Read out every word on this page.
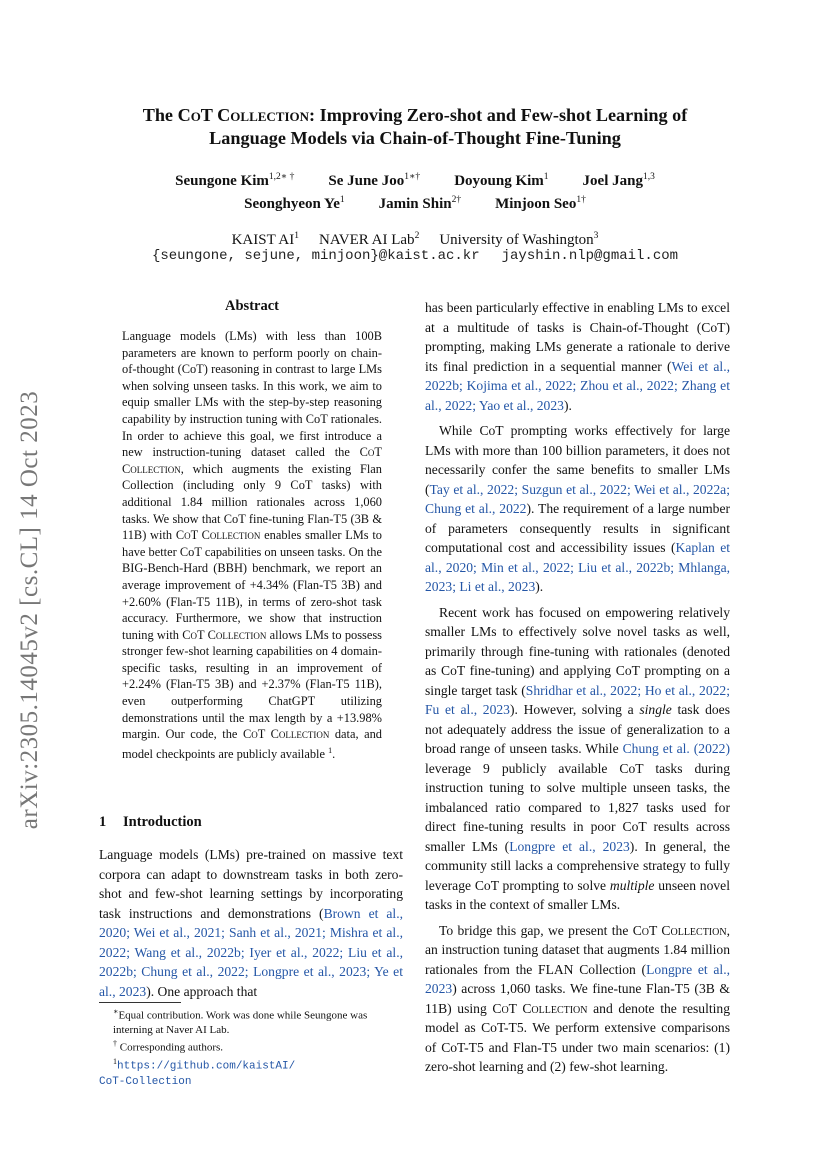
arXiv:2305.14045v2 [cs.CL] 14 Oct 2023
The CoT Collection: Improving Zero-shot and Few-shot Learning of
Language Models via Chain-of-Thought Fine-Tuning
Seungone Kim$^{1,2∗ \dagger}$ Se June Joo$^{1∗\dagger}$ Doyoung Kim$^1$ Joel Jang$^{1,3}$
Seonghyeon Ye$^1$ Jamin Shin$^{2\dagger}$ Minjoon Seo$^{1\dagger}$
KAIST $AI^1$ NAVER AI Lab$^2$ University of Washington$^3$
{seungone, sejune, minjoon}@kaist.ac.kr jayshin.nlp@gmail.com
Abstract

Language models (LMs) with less than 100B parameters are known to perform poorly on chain-of-thought (CoT) reasoning in contrast to large LMs when solving unseen tasks. In this work, we aim to equip smaller LMs with the step-by-step reasoning capability by instruction tuning with CoT rationales. In order to achieve this goal, we first introduce a new instruction-tuning dataset called the CoT Collection, which augments the existing Flan Collection (including only 9 CoT tasks) with additional 1.84 million rationales across 1,060 tasks. We show that CoT fine-tuning Flan-T5 (3B & 11B) with CoT Collection enables smaller LMs to have better CoT capabilities on unseen tasks. On the BIG-Bench-Hard (BBH) benchmark, we report an average improvement of +4.34% (Flan-T5 3B) and +2.60% (Flan-T5 11B), in terms of zero-shot task accuracy. Furthermore, we show that instruction tuning with CoT Collection allows LMs to possess stronger few-shot learning capabilities on 4 domain-specific tasks, resulting in an improvement of +2.24% (Flan-T5 3B) and +2.37% (Flan-T5 11B), even outperforming ChatGPT utilizing demonstrations until the max length by a +13.98% margin. Our code, the CoT Collection data, and model checkpoints are publicly available $^1$.

1 Introduction

Language models (LMs) pre-trained on massive text corpora can adapt to downstream tasks in both zero-shot and few-shot learning settings by incorporating task instructions and demonstrations (Brown et al., 2020; Wei et al., 2021; Sanh et al., 2021; Mishra et al., 2022; Wang et al., 2022b; Iyer et al., 2022; Liu et al., 2022b; Chung et al., 2022; Longpre et al., 2023; Ye et al., 2023). One approach that

∗Equal contribution. Work was done while Seungone was interning at Naver AI Lab.

† Corresponding authors.

$^1$https://github.com/kaistAI/

CoT-Collection

has been particularly effective in enabling LMs to excel at a multitude of tasks is Chain-of-Thought (CoT) prompting, making LMs generate a rationale to derive its final prediction in a sequential manner (Wei et al., 2022b; Kojima et al., 2022; Zhou et al., 2022; Zhang et al., 2022; Yao et al., 2023).

While CoT prompting works effectively for large LMs with more than 100 billion parameters, it does not necessarily confer the same benefits to smaller LMs (Tay et al., 2022; Suzgun et al., 2022; Wei et al., 2022a; Chung et al., 2022). The requirement of a large number of parameters consequently results in significant computational cost and accessibility issues (Kaplan et al., 2020; Min et al., 2022; Liu et al., 2022b; Mhlanga, 2023; Li et al., 2023).

Recent work has focused on empowering relatively smaller LMs to effectively solve novel tasks as well, primarily through fine-tuning with rationales (denoted as CoT fine-tuning) and applying CoT prompting on a single target task (Shridhar et al., 2022; Ho et al., 2022; Fu et al., 2023). However, solving a single task does not adequately address the issue of generalization to a broad range of unseen tasks. While Chung et al. (2022) leverage 9 publicly available CoT tasks during instruction tuning to solve multiple unseen tasks, the imbalanced ratio compared to 1,827 tasks used for direct fine-tuning results in poor CoT results across smaller LMs (Longpre et al., 2023). In general, the community still lacks a comprehensive strategy to fully leverage CoT prompting to solve multiple unseen novel tasks in the context of smaller LMs.

To bridge this gap, we present the CoT Collection, an instruction tuning dataset that augments 1.84 million rationales from the FLAN Collection (Longpre et al., 2023) across 1,060 tasks. We fine-tune Flan-T5 (3B & 11B) using CoT Collection and denote the resulting model as CoT-T5. We perform extensive comparisons of CoT-T5 and Flan-T5 under two main scenarios: (1) zero-shot learning and (2) few-shot learning.
